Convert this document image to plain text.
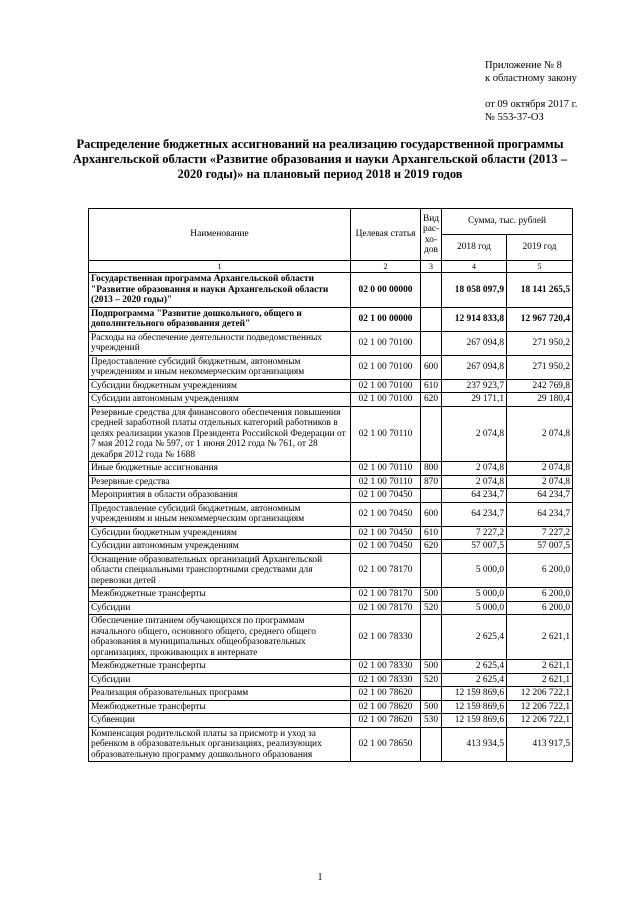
Приложение № 8
к областному закону
от 09 октября 2017 г.
№ 553-37-ОЗ
Распределение бюджетных ассигнований на реализацию государственной программы Архангельской области «Развитие образования и науки Архангельской области (2013 – 2020 годы)» на плановый период 2018 и 2019 годов
Наименование	Целевая статья	Вид рас-хо-дов	Сумма, тыс. рублей	
			2018 год	2019 год
1	2	3	4	5
Государственная программа Архангельской области "Развитие образования и науки Архангельской области (2013 – 2020 годы)"	02 0 00 00000		18 058 097,9	18 141 265,5
Подпрограмма "Развитие дошкольного, общего и дополнительного образования детей"	02 1 00 00000		12 914 833,8	12 967 720,4
Расходы на обеспечение деятельности подведомственных учреждений	02 1 00 70100		267 094,8	271 950,2
Предоставление субсидий бюджетным, автономным учреждениям и иным некоммерческим организациям	02 1 00 70100	600	267 094,8	271 950,2
Субсидии бюджетным учреждениям	02 1 00 70100	610	237 923,7	242 769,8
Субсидии автономным учреждениям	02 1 00 70100	620	29 171,1	29 180,4
Резервные средства для финансового обеспечения повышения средней заработной платы отдельных категорий работников в целях реализации указов Президента Российской Федерации от 7 мая 2012 года № 597, от 1 июня 2012 года № 761, от 28 декабря 2012 года № 1688	02 1 00 70110		2 074,8	2 074,8
Иные бюджетные ассигнования	02 1 00 70110	800	2 074,8	2 074,8
Резервные средства	02 1 00 70110	870	2 074,8	2 074,8
Мероприятия в области образования	02 1 00 70450		64 234,7	64 234,7
Предоставление субсидий бюджетным, автономным учреждениям и иным некоммерческим организациям	02 1 00 70450	600	64 234,7	64 234,7
Субсидии бюджетным учреждениям	02 1 00 70450	610	7 227,2	7 227,2
Субсидии автономным учреждениям	02 1 00 70450	620	57 007,5	57 007,5
Оснащение образовательных организаций Архангельской области специальными транспортными средствами для перевозки детей	02 1 00 78170		5 000,0	6 200,0
Межбюджетные трансферты	02 1 00 78170	500	5 000,0	6 200,0
Субсидии	02 1 00 78170	520	5 000,0	6 200,0
Обеспечение питанием обучающихся по программам начального общего, основного общего, среднего общего образования в муниципальных общеобразовательных организациях, проживающих в интернате	02 1 00 78330		2 625,4	2 621,1
Межбюджетные трансферты	02 1 00 78330	500	2 625,4	2 621,1
Субсидии	02 1 00 78330	520	2 625,4	2 621,1
Реализация образовательных программ	02 1 00 78620		12 159 869,6	12 206 722,1
Межбюджетные трансферты	02 1 00 78620	500	12 159 869,6	12 206 722,1
Субвенции	02 1 00 78620	530	12 159 869,6	12 206 722,1
Компенсация родительской платы за присмотр и уход за ребенком в образовательных организациях, реализующих образовательную программу дошкольного образования	02 1 00 78650		413 934,5	413 917,5
1
